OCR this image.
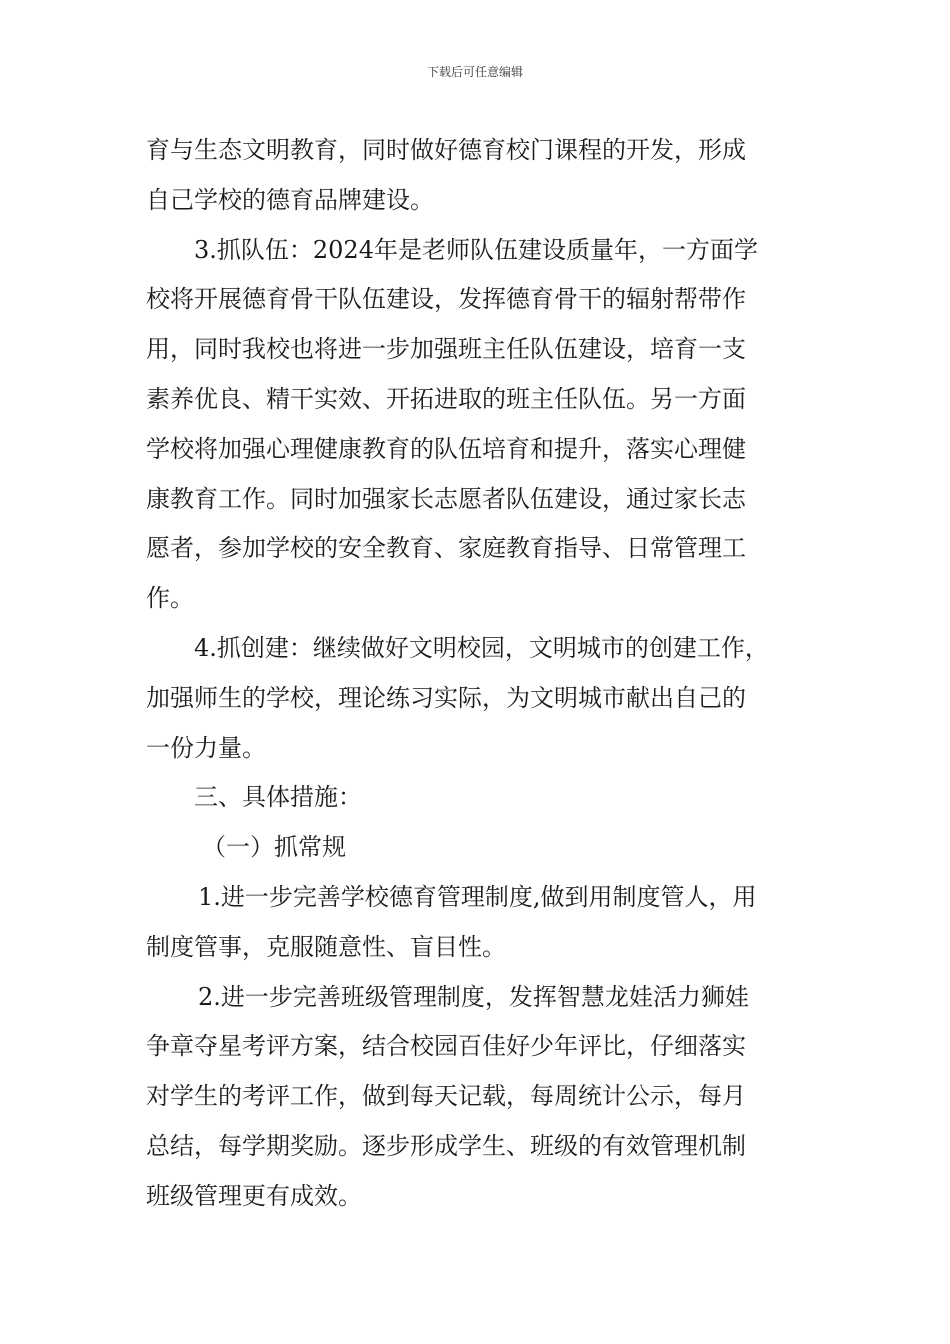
下载后可任意编辑
育与生态文明教育，同时做好德育校门课程的开发，形成
自己学校的德育品牌建设。
3.抓队伍：2024年是老师队伍建设质量年，一方面学
校将开展德育骨干队伍建设，发挥德育骨干的辐射帮带作
用，同时我校也将进一步加强班主任队伍建设，培育一支
素养优良、精干实效、开拓进取的班主任队伍。另一方面
学校将加强心理健康教育的队伍培育和提升，落实心理健
康教育工作。同时加强家长志愿者队伍建设，通过家长志
愿者，参加学校的安全教育、家庭教育指导、日常管理工
作。
4.抓创建：继续做好文明校园，文明城市的创建工作，
加强师生的学校，理论练习实际，为文明城市献出自己的
一份力量。
三、具体措施：
（一）抓常规
1.进一步完善学校德育管理制度,做到用制度管人，用
制度管事，克服随意性、盲目性。
2.进一步完善班级管理制度，发挥智慧龙娃活力狮娃
争章夺星考评方案，结合校园百佳好少年评比，仔细落实
对学生的考评工作，做到每天记载，每周统计公示，每月
总结，每学期奖励。逐步形成学生、班级的有效管理机制
班级管理更有成效。
